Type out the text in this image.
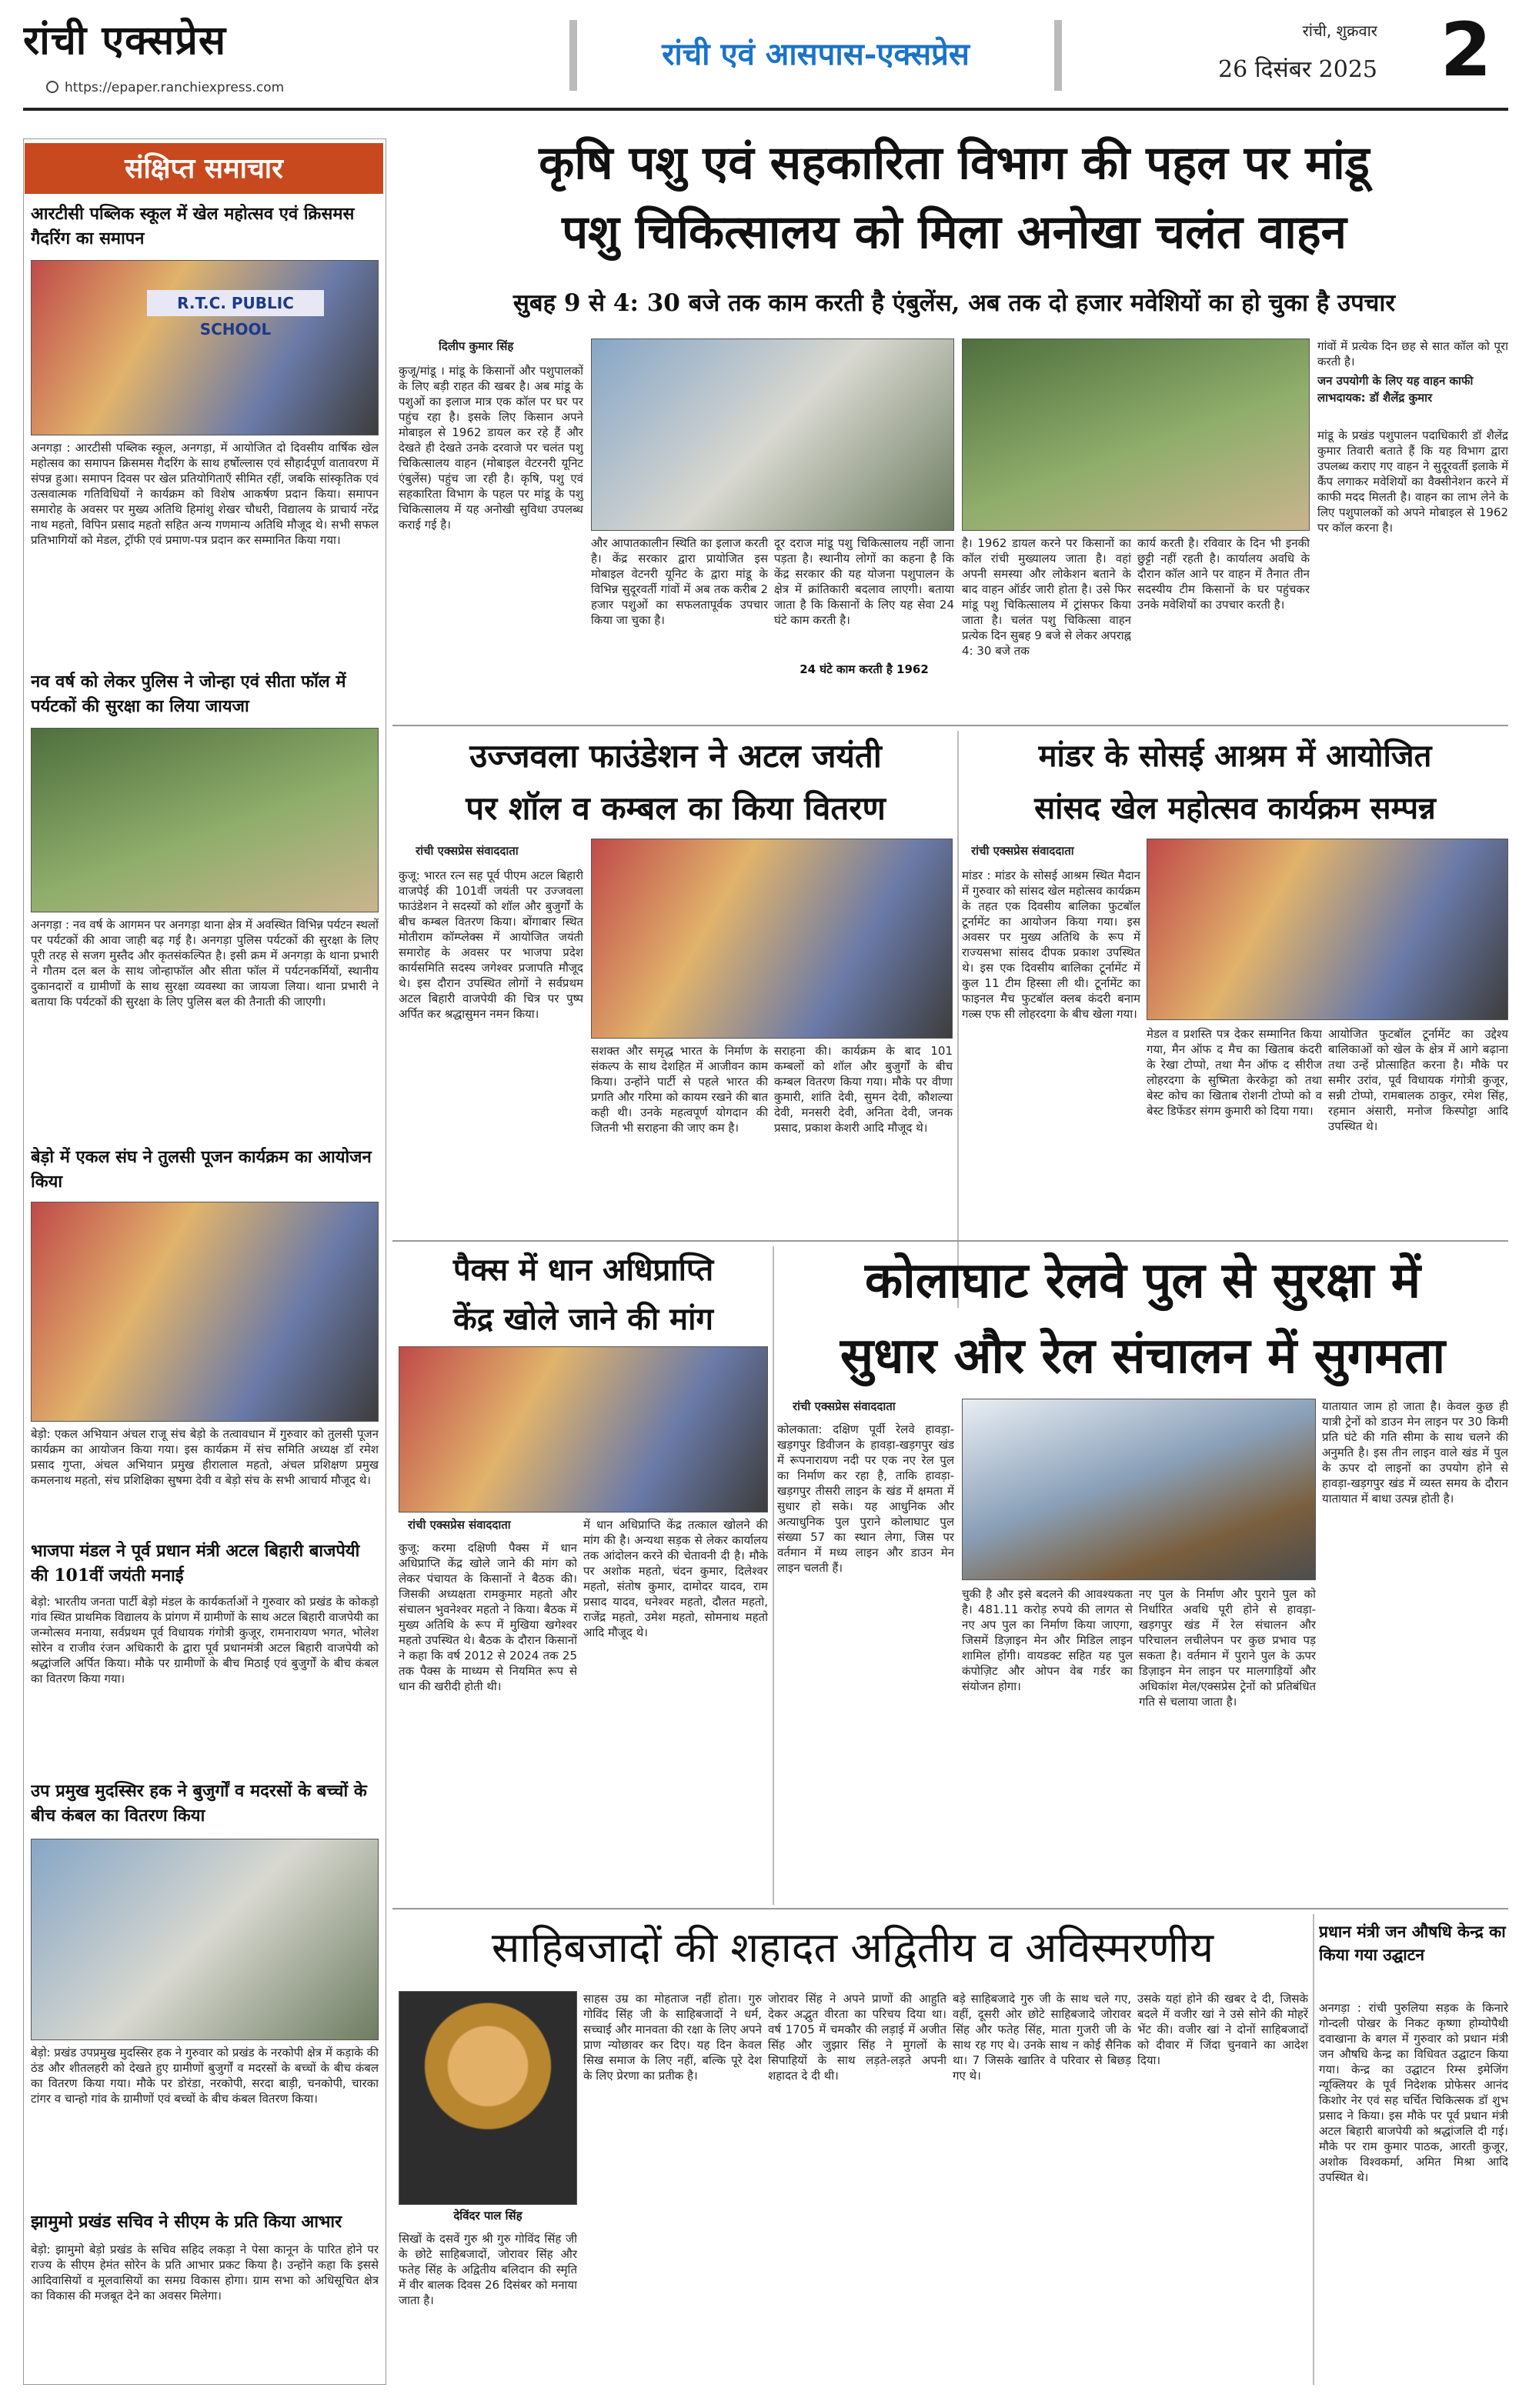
रांची एक्सप्रेस
https://epaper.ranchiexpress.com
रांची एवं आसपास-एक्सप्रेस
रांची, शुक्रवार
26 दिसंबर 2025 2
संक्षिप्त समाचार
आरटीसी पब्लिक स्कूल में खेल महोत्सव एवं क्रिसमस गैदरिंग का समापन
R.T.C. PUBLIC SCHOOL
अनगड़ा : आरटीसी पब्लिक स्कूल, अनगड़ा, में आयोजित दो दिवसीय वार्षिक खेल महोत्सव का समापन क्रिसमस गैदरिंग के साथ हर्षोल्लास एवं सौहार्दपूर्ण वातावरण में संपन्न हुआ। समापन दिवस पर खेल प्रतियोगिताएँ सीमित रहीं, जबकि सांस्कृतिक एवं उत्सवात्मक गतिविधियों ने कार्यक्रम को विशेष आकर्षण प्रदान किया। समापन समारोह के अवसर पर मुख्य अतिथि हिमांशु शेखर चौधरी, विद्यालय के प्राचार्य नरेंद्र नाथ महतो, विपिन प्रसाद महतो सहित अन्य गणमान्य अतिथि मौजूद थे। सभी सफल प्रतिभागियों को मेडल, ट्रॉफी एवं प्रमाण-पत्र प्रदान कर सम्मानित किया गया।
नव वर्ष को लेकर पुलिस ने जोन्हा एवं सीता फॉल में पर्यटकों की सुरक्षा का लिया जायजा
अनगड़ा : नव वर्ष के आगमन पर अनगड़ा थाना क्षेत्र में अवस्थित विभिन्न पर्यटन स्थलों पर पर्यटकों की आवा जाही बढ़ गई है। अनगड़ा पुलिस पर्यटकों की सुरक्षा के लिए पूरी तरह से सजग मुस्तैद और कृतसंकल्पित है। इसी क्रम में अनगड़ा के थाना प्रभारी ने गौतम दल बल के साथ जोन्हाफॉल और सीता फॉल में पर्यटनकर्मियों, स्थानीय दुकानदारों व ग्रामीणों के साथ सुरक्षा व्यवस्था का जायजा लिया। थाना प्रभारी ने बताया कि पर्यटकों की सुरक्षा के लिए पुलिस बल की तैनाती की जाएगी।
बेड़ो में एकल संघ ने तुलसी पूजन कार्यक्रम का आयोजन किया
बेड़ो: एकल अभियान अंचल राजू संच बेड़ो के तत्वावधान में गुरुवार को तुलसी पूजन कार्यक्रम का आयोजन किया गया। इस कार्यक्रम में संच समिति अध्यक्ष डॉ रमेश प्रसाद गुप्ता, अंचल अभियान प्रमुख हीरालाल महतो, अंचल प्रशिक्षण प्रमुख कमलनाथ महतो, संच प्रशिक्षिका सुषमा देवी व बेड़ो संच के सभी आचार्य मौजूद थे।
भाजपा मंडल ने पूर्व प्रधान मंत्री अटल बिहारी बाजपेयी की 101वीं जयंती मनाई
बेड़ो: भारतीय जनता पार्टी बेड़ो मंडल के कार्यकर्ताओं ने गुरुवार को प्रखंड के कोकड़ो गांव स्थित प्राथमिक विद्यालय के प्रांगण में ग्रामीणों के साथ अटल बिहारी वाजपेयी का जन्मोत्सव मनाया, सर्वप्रथम पूर्व विधायक गंगोत्री कुजूर, रामनारायण भगत, भोलेश सोरेन व राजीव रंजन अधिकारी के द्वारा पूर्व प्रधानमंत्री अटल बिहारी वाजपेयी को श्रद्धांजलि अर्पित किया। मौके पर ग्रामीणों के बीच मिठाई एवं बुजुर्गों के बीच कंबल का वितरण किया गया।
उप प्रमुख मुदस्सिर हक ने बुजुर्गों व मदरसों के बच्चों के बीच कंबल का वितरण किया
बेड़ो: प्रखंड उपप्रमुख मुदस्सिर हक ने गुरुवार को प्रखंड के नरकोपी क्षेत्र में कड़ाके की ठंड और शीतलहरी को देखते हुए ग्रामीणों बुजुर्गों व मदरसों के बच्चों के बीच कंबल का वितरण किया गया। मौके पर डोरंडा, नरकोपी, सरदा बाड़ी, चनकोपी, चारका टांगर व चान्हो गांव के ग्रामीणों एवं बच्चों के बीच कंबल वितरण किया।
झामुमो प्रखंड सचिव ने सीएम के प्रति किया आभार
बेड़ो: झामुमो बेड़ो प्रखंड के सचिव सहिद लकड़ा ने पेसा कानून के पारित होने पर राज्य के सीएम हेमंत सोरेन के प्रति आभार प्रकट किया है। उन्होंने कहा कि इससे आदिवासियों व मूलवासियों का समग्र विकास होगा। ग्राम सभा को अधिसूचित क्षेत्र का विकास की मजबूत देने का अवसर मिलेगा।
कृषि पशु एवं सहकारिता विभाग की पहल पर मांडू
पशु चिकित्सालय को मिला अनोखा चलंत वाहन
सुबह 9 से 4: 30 बजे तक काम करती है एंबुलेंस, अब तक दो हजार मवेशियों का हो चुका है उपचार
दिलीप कुमार सिंह
कुजू/मांडू । मांडू के किसानों और पशुपालकों के लिए बड़ी राहत की खबर है। अब मांडू के पशुओं का इलाज मात्र एक कॉल पर घर पर पहुंच रहा है। इसके लिए किसान अपने मोबाइल से 1962 डायल कर रहे हैं और देखते ही देखते उनके दरवाजे पर चलंत पशु चिकित्सालय वाहन (मोबाइल वेटरनरी यूनिट एंबुलेंस) पहुंच जा रही है। कृषि, पशु एवं सहकारिता विभाग के पहल पर मांडू के पशु चिकित्सालय में यह अनोखी सुविधा उपलब्ध कराई गई है।
और आपातकालीन स्थिति का इलाज करती है। केंद्र सरकार द्वारा प्रायोजित इस मोबाइल वेटनरी यूनिट के द्वारा मांडू के विभिन्न सुदूरवर्ती गांवों में अब तक करीब 2 हजार पशुओं का सफलतापूर्वक उपचार किया जा चुका है।
दूर दराज मांडू पशु चिकित्सालय नहीं जाना पड़ता है। स्थानीय लोगों का कहना है कि केंद्र सरकार की यह योजना पशुपालन के क्षेत्र में क्रांतिकारी बदलाव लाएगी। बताया जाता है कि किसानों के लिए यह सेवा 24 घंटे काम करती है।
24 घंटे काम करती है 1962
है। 1962 डायल करने पर किसानों का कॉल रांची मुख्यालय जाता है। वहां अपनी समस्या और लोकेशन बताने के बाद वाहन ऑर्डर जारी होता है। उसे फिर मांडू पशु चिकित्सालय में ट्रांसफर किया जाता है। चलंत पशु चिकित्सा वाहन प्रत्येक दिन सुबह 9 बजे से लेकर अपराह्न 4: 30 बजे तक
कार्य करती है। रविवार के दिन भी इनकी छुट्टी नहीं रहती है। कार्यालय अवधि के दौरान कॉल आने पर वाहन में तैनात तीन सदस्यीय टीम किसानों के घर पहुंचकर उनके मवेशियों का उपचार करती है।
गांवों में प्रत्येक दिन छह से सात कॉल को पूरा करती है।
जन उपयोगी के लिए यह वाहन काफी लाभदायक: डॉ शैलेंद्र कुमार
मांडू के प्रखंड पशुपालन पदाधिकारी डॉ शैलेंद्र कुमार तिवारी बताते हैं कि यह विभाग द्वारा उपलब्ध कराए गए वाहन ने सुदूरवर्ती इलाके में कैंप लगाकर मवेशियों का वैक्सीनेशन करने में काफी मदद मिलती है। वाहन का लाभ लेने के लिए पशुपालकों को अपने मोबाइल से 1962 पर कॉल करना है।
उज्जवला फाउंडेशन ने अटल जयंती
पर शॉल व कम्बल का किया वितरण
रांची एक्सप्रेस संवाददाता
कुजू: भारत रत्न सह पूर्व पीएम अटल बिहारी वाजपेई की 101वीं जयंती पर उज्जवला फाउंडेशन ने सदस्यों को शॉल और बुजुर्गों के बीच कम्बल वितरण किया। बोंगाबार स्थित मोतीराम कॉम्प्लेक्स में आयोजित जयंती समारोह के अवसर पर भाजपा प्रदेश कार्यसमिति सदस्य जगेश्वर प्रजापति मौजूद थे। इस दौरान उपस्थित लोगों ने सर्वप्रथम अटल बिहारी वाजपेयी की चित्र पर पुष्प अर्पित कर श्रद्धासुमन नमन किया।
सशक्त और समृद्ध भारत के निर्माण के संकल्प के साथ देशहित में आजीवन काम किया। उन्होंने पार्टी से पहले भारत की प्रगति और गरिमा को कायम रखने की बात कही थी। उनके महत्वपूर्ण योगदान की जितनी भी सराहना की जाए कम है।
सराहना की। कार्यक्रम के बाद 101 कम्बलों को शॉल और बुजुर्गों के बीच कम्बल वितरण किया गया। मौके पर वीणा कुमारी, शांति देवी, सुमन देवी, कौशल्या देवी, मनसरी देवी, अनिता देवी, जनक प्रसाद, प्रकाश केशरी आदि मौजूद थे।
मांडर के सोसई आश्रम में आयोजित
सांसद खेल महोत्सव कार्यक्रम सम्पन्न
रांची एक्सप्रेस संवाददाता
मांडर : मांडर के सोसई आश्रम स्थित मैदान में गुरुवार को सांसद खेल महोत्सव कार्यक्रम के तहत एक दिवसीय बालिका फुटबॉल टूर्नामेंट का आयोजन किया गया। इस अवसर पर मुख्य अतिथि के रूप में राज्यसभा सांसद दीपक प्रकाश उपस्थित थे। इस एक दिवसीय बालिका टूर्नामेंट में कुल 11 टीम हिस्सा ली थी। टूर्नामेंट का फाइनल मैच फुटबॉल क्लब कंदरी बनाम गल्र्स एफ सी लोहरदगा के बीच खेला गया।
मेडल व प्रशस्ति पत्र देकर सम्मानित किया गया, मैन ऑफ द मैच का खिताब कंदरी के रेखा टोप्पो, तथा मैन ऑफ द सीरीज लोहरदगा के सुष्मिता केरकेट्टा को तथा बेस्ट कोच का खिताब रोशनी टोप्पो को व बेस्ट डिफेंडर संगम कुमारी को दिया गया।
आयोजित फुटबॉल टूर्नामेंट का उद्देश्य बालिकाओं को खेल के क्षेत्र में आगे बढ़ाना तथा उन्हें प्रोत्साहित करना है। मौके पर समीर उरांव, पूर्व विधायक गंगोत्री कुजूर, सन्नी टोप्पो, रामबालक ठाकुर, रमेश सिंह, रहमान अंसारी, मनोज किस्पोट्टा आदि उपस्थित थे।
पैक्स में धान अधिप्राप्ति
केंद्र खोले जाने की मांग
रांची एक्सप्रेस संवाददाता
कुजू: करमा दक्षिणी पैक्स में धान अधिप्राप्ति केंद्र खोले जाने की मांग को लेकर पंचायत के किसानों ने बैठक की। जिसकी अध्यक्षता रामकुमार महतो और संचालन भुवनेश्वर महतो ने किया। बैठक में मुख्य अतिथि के रूप में मुखिया खगेश्वर महतो उपस्थित थे। बैठक के दौरान किसानों ने कहा कि वर्ष 2012 से 2024 तक 25 तक पैक्स के माध्यम से नियमित रूप से धान की खरीदी होती थी।
में धान अधिप्राप्ति केंद्र तत्काल खोलने की मांग की है। अन्यथा सड़क से लेकर कार्यालय तक आंदोलन करने की चेतावनी दी है। मौके पर अशोक महतो, चंदन कुमार, दिलेश्वर महतो, संतोष कुमार, दामोदर यादव, राम प्रसाद यादव, धनेश्वर महतो, दौलत महतो, राजेंद्र महतो, उमेश महतो, सोमनाथ महतो आदि मौजूद थे।
कोलाघाट रेलवे पुल से सुरक्षा में
सुधार और रेल संचालन में सुगमता
रांची एक्सप्रेस संवाददाता
कोलकाता: दक्षिण पूर्वी रेलवे हावड़ा-खड़गपुर डिवीजन के हावड़ा-खड़गपुर खंड में रूपनारायण नदी पर एक नए रेल पुल का निर्माण कर रहा है, ताकि हावड़ा-खड़गपुर तीसरी लाइन के खंड में क्षमता में सुधार हो सके। यह आधुनिक और अत्याधुनिक पुल पुराने कोलाघाट पुल संख्या 57 का स्थान लेगा, जिस पर वर्तमान में मध्य लाइन और डाउन मेन लाइन चलती हैं।
चुकी है और इसे बदलने की आवश्यकता है। 481.11 करोड़ रुपये की लागत से नए अप पुल का निर्माण किया जाएगा, जिसमें डिज़ाइन मेन और मिडिल लाइन शामिल होंगी। वायडक्ट सहित यह पुल कंपोज़िट और ओपन वेब गर्डर का संयोजन होगा।
नए पुल के निर्माण और पुराने पुल को निर्धारित अवधि पूरी होने से हावड़ा-खड़गपुर खंड में रेल संचालन और परिचालन लचीलेपन पर कुछ प्रभाव पड़ सकता है। वर्तमान में पुराने पुल के ऊपर डिज़ाइन मेन लाइन पर मालगाड़ियों और अधिकांश मेल/एक्सप्रेस ट्रेनों को प्रतिबंधित गति से चलाया जाता है।
यातायात जाम हो जाता है। केवल कुछ ही यात्री ट्रेनों को डाउन मेन लाइन पर 30 किमी प्रति घंटे की गति सीमा के साथ चलने की अनुमति है। इस तीन लाइन वाले खंड में पुल के ऊपर दो लाइनों का उपयोग होने से हावड़ा-खड़गपुर खंड में व्यस्त समय के दौरान यातायात में बाधा उत्पन्न होती है।
साहिबजादों की शहादत अद्वितीय व अविस्मरणीय
देविंदर पाल सिंह
सिखों के दसवें गुरु श्री गुरु गोविंद सिंह जी के छोटे साहिबजादों, जोरावर सिंह और फतेह सिंह के अद्वितीय बलिदान की स्मृति में वीर बालक दिवस 26 दिसंबर को मनाया जाता है।
साहस उम्र का मोहताज नहीं होता। गुरु गोविंद सिंह जी के साहिबजादों ने धर्म, सच्चाई और मानवता की रक्षा के लिए अपने प्राण न्योछावर कर दिए। यह दिन केवल सिख समाज के लिए नहीं, बल्कि पूरे देश के लिए प्रेरणा का प्रतीक है।
जोरावर सिंह ने अपने प्राणों की आहुति देकर अद्भुत वीरता का परिचय दिया था। वर्ष 1705 में चमकौर की लड़ाई में अजीत सिंह और जुझार सिंह ने मुगलों के सिपाहियों के साथ लड़ते-लड़ते अपनी शहादत दे दी थी।
बड़े साहिबजादे गुरु जी के साथ चले गए, वहीं, दूसरी ओर छोटे साहिबजादे जोरावर सिंह और फतेह सिंह, माता गुजरी जी के साथ रह गए थे। उनके साथ न कोई सैनिक था। 7 जिसके खातिर वे परिवार से बिछड़ गए थे।
उसके यहां होने की खबर दे दी, जिसके बदले में वजीर खां ने उसे सोने की मोहरें भेंट की। वजीर खां ने दोनों साहिबजादों को दीवार में जिंदा चुनवाने का आदेश दिया।
प्रधान मंत्री जन औषधि केन्द्र का किया गया उद्घाटन
अनगड़ा : रांची पुरुलिया सड़क के किनारे गोन्दली पोखर के निकट कृष्णा होम्योपैथी दवाखाना के बगल में गुरुवार को प्रधान मंत्री जन औषधि केन्द्र का विधिवत उद्घाटन किया गया। केन्द्र का उद्घाटन रिम्स इमेजिंग न्यूक्लियर के पूर्व निदेशक प्रोफेसर आनंद किशोर नेर एवं सह चर्चित चिकित्सक डॉ शुभ प्रसाद ने किया। इस मौके पर पूर्व प्रधान मंत्री अटल बिहारी बाजपेयी को श्रद्धांजलि दी गई। मौके पर राम कुमार पाठक, आरती कुजूर, अशोक विश्वकर्मा, अमित मिश्रा आदि उपस्थित थे।
